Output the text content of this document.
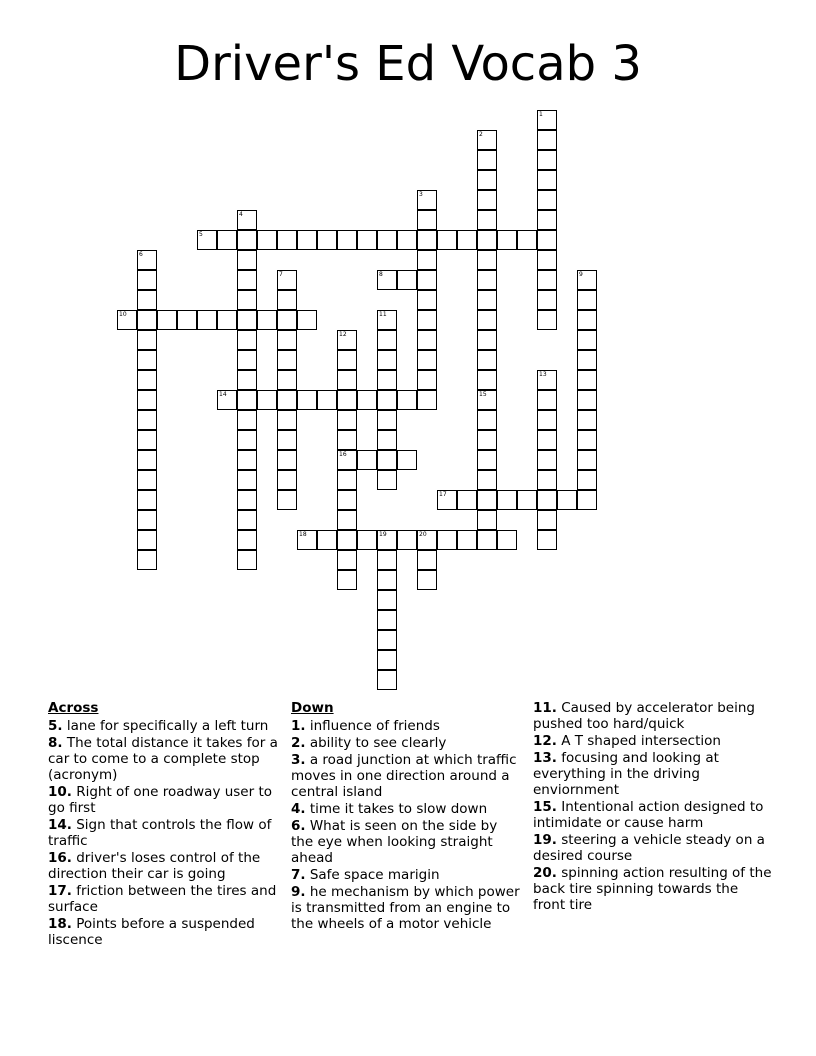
Driver's Ed Vocab 3
1
2
3
4
5
6
7	8	9
10	11
12
16
13
14	15
17
18	19	20
Across
5. lane for specifically a left turn
8. The total distance it takes for a car to come to a complete stop (acronym)
10. Right of one roadway user to go first
14. Sign that controls the flow of traffic
16. driver's loses control of the direction their car is going
17. friction between the tires and surface
18. Points before a suspended liscence
Down
1. influence of friends
2. ability to see clearly
3. a road junction at which traffic moves in one direction around a central island
4. time it takes to slow down
6. What is seen on the side by the eye when looking straight ahead
7. Safe space marigin
9. he mechanism by which power is transmitted from an engine to the wheels of a motor vehicle
11. Caused by accelerator being pushed too hard/quick
12. A T shaped intersection
13. focusing and looking at everything in the driving enviornment
15. Intentional action designed to intimidate or cause harm
19. steering a vehicle steady on a desired course
20. spinning action resulting of the back tire spinning towards the front tire
